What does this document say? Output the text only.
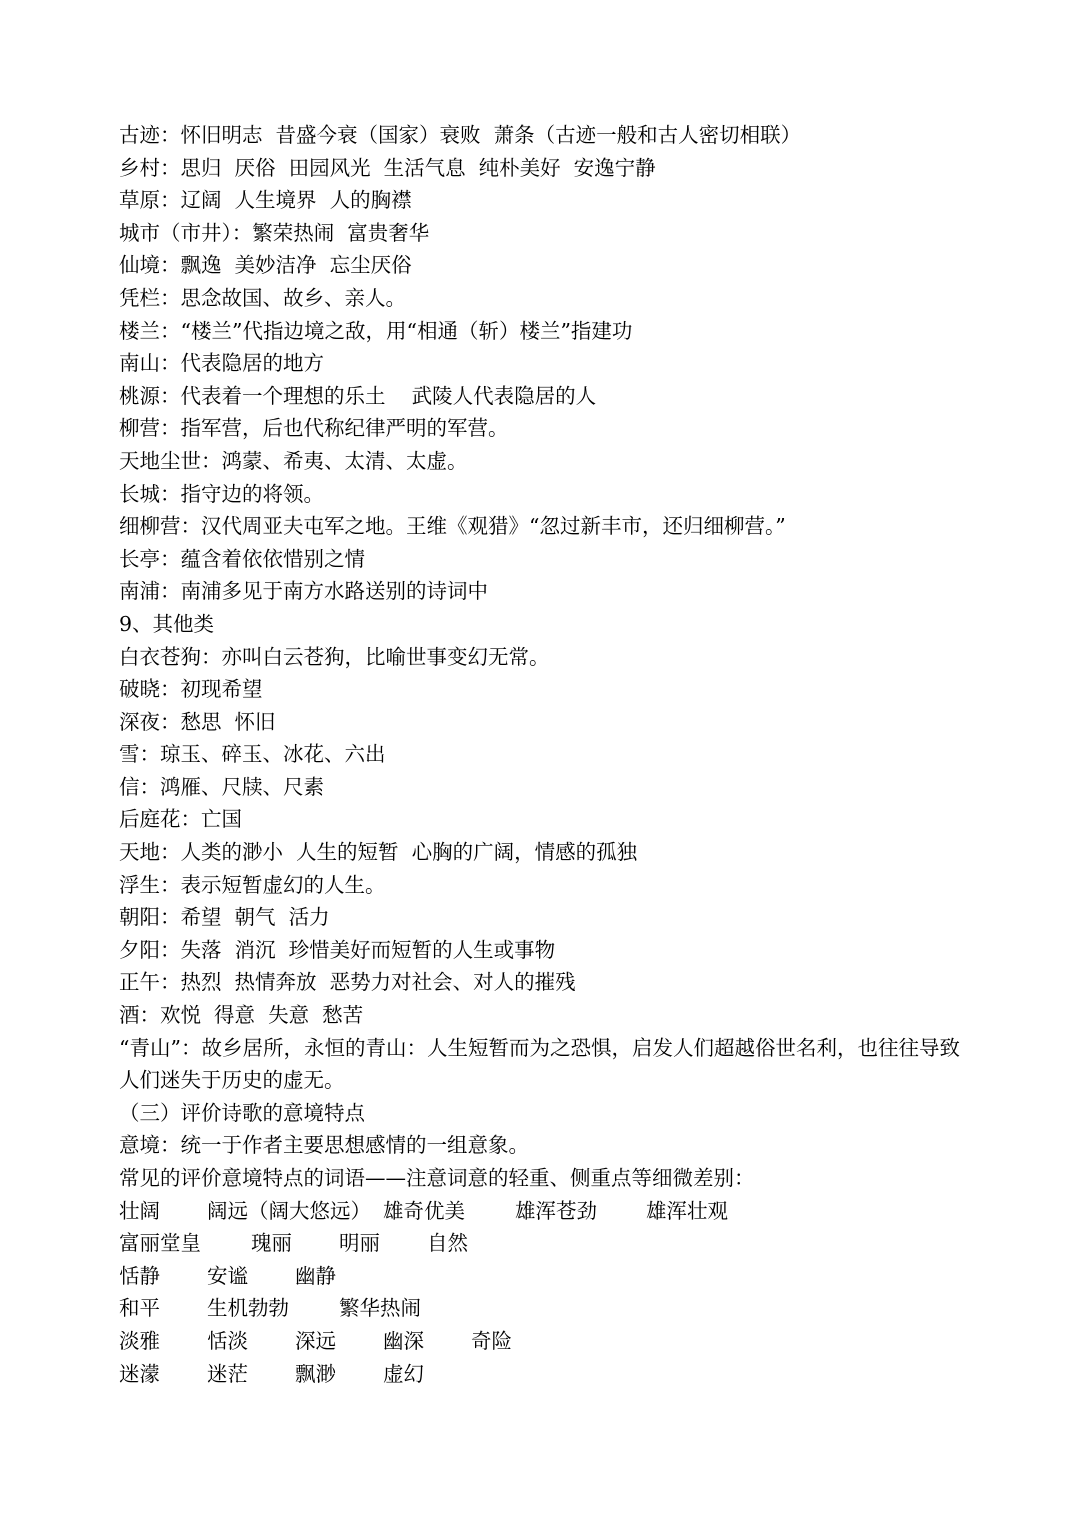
古迹：怀旧明志  昔盛今衰（国家）衰败  萧条（古迹一般和古人密切相联）
乡村：思归  厌俗  田园风光  生活气息  纯朴美好  安逸宁静
草原：辽阔  人生境界  人的胸襟
城市（市井）：繁荣热闹  富贵奢华
仙境：飘逸  美妙洁净  忘尘厌俗
凭栏：思念故国、故乡、亲人。
楼兰：“楼兰”代指边境之敌，用“相通（斩）楼兰”指建功
南山：代表隐居的地方
桃源：代表着一个理想的乐土    武陵人代表隐居的人
柳营：指军营，后也代称纪律严明的军营。
天地尘世：鸿蒙、希夷、太清、太虚。
长城：指守边的将领。
细柳营：汉代周亚夫屯军之地。王维《观猎》“忽过新丰市，还归细柳营。”
长亭：蕴含着依依惜别之情
南浦：南浦多见于南方水路送别的诗词中
9、其他类
白衣苍狗：亦叫白云苍狗，比喻世事变幻无常。
破晓：初现希望
深夜：愁思  怀旧
雪：琼玉、碎玉、冰花、六出
信：鸿雁、尺牍、尺素
后庭花：亡国
天地：人类的渺小  人生的短暂  心胸的广阔，情感的孤独
浮生：表示短暂虚幻的人生。
朝阳：希望  朝气  活力
夕阳：失落  消沉  珍惜美好而短暂的人生或事物
正午：热烈  热情奔放  恶势力对社会、对人的摧残
酒：欢悦  得意  失意  愁苦
“青山”：故乡居所，永恒的青山：人生短暂而为之恐惧，启发人们超越俗世名利，也往往导致人们迷失于历史的虚无。
（三）评价诗歌的意境特点
意境：统一于作者主要思想感情的一组意象。
常见的评价意境特点的词语——注意词意的轻重、侧重点等细微差别：
壮阔	阔远（阔大悠远） 雄奇优美	雄浑苍劲	雄浑壮观
富丽堂皇	瑰丽	明丽	自然
恬静	安谧	幽静
和平	生机勃勃	繁华热闹
淡雅	恬淡	深远	幽深	奇险
迷濛	迷茫	飘渺	虚幻
